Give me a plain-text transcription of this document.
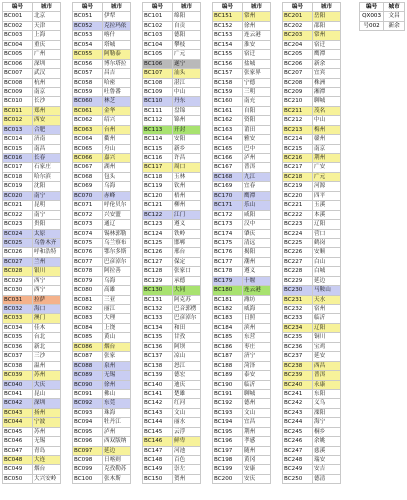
编号	城市
BC001	北京
BC002	天津
BC003	上海
BC004	重庆
BC005	广州
BC006	深圳
BC007	武汉
BC008	杭州
BC009	南京
BC010	长沙
BC011	郑州
BC012	西安
BC013	合肥
BC014	济南
BC015	南昌
BC016	长春
BC017	石家庄
BC018	哈尔滨
BC019	沈阳
BC020	南宁
BC021	昆明
BC022	南宁
BC023	贵阳
BC024	太原
BC025	乌鲁木齐
BC026	呼和浩特
BC027	兰州
BC028	银川
BC029	西宁
BC030	西宁
BC031	拉萨
BC032	海口
BC033	澳门
BC034	佳木
BC035	台北
BC036	新北
BC037	三沙
BC038	温州
BC039	苏州
BC040	大庆
BC041	昆山
BC042	深圳
BC043	扬州
BC044	宁波
BC045	苏州
BC046	无锡
BC047	青岛
BC048	大连
BC049	烟台
BC050	大兴安岭
编号	城市
BC051	伊犁
BC052	克拉玛依
BC053	喀什
BC054	塔城
BC055	阿勒泰
BC056	博尔塔拉
BC057	昌吉
BC058	哈密
BC059	吐鲁番
BC060	林芝
BC061	金华
BC062	绍兴
BC063	台州
BC064	衢州
BC065	舟山
BC066	嘉兴
BC067	湖州
BC068	包头
BC069	乌海
BC070	赤峰
BC071	呼伦贝尔
BC072	兴安盟
BC073	通辽
BC074	锡林郭勒
BC075	乌兰察布
BC076	鄂尔多斯
BC077	巴彦淖尔
BC078	阿拉善
BC079	乌海
BC080	高雄
BC081	三亚
BC082	丽江
BC083	大理
BC084	上饶
BC085	黄山
BC086	烟台
BC087	张家
BC088	泉州
BC089	无锡
BC090	徐州
BC091	佛山
BC092	东莞
BC093	珠海
BC094	牡丹江
BC095	泸州
BC096	西双版纳
BC097	延边
BC098	日喀则
BC099	克孜勒苏
BC100	张木斯
编号	城市
BC101	绵阳
BC102	自贡
BC103	德阳
BC104	攀枝
BC105	广元
BC106	遂宁
BC107	汕头
BC108	湛江
BC109	中山
BC110	丹东
BC111	盘锦
BC112	锦州
BC113	开封
BC114	安阳
BC115	新乡
BC116	许昌
BC117	周口
BC118	玉林
BC119	钦州
BC120	梧州
BC121	柳州
BC122	江门
BC123	遵义
BC124	铁岭
BC125	邯郸
BC126	邢台
BC127	保定
BC128	张家口
BC129	承德
BC130	大同
BC131	阿克苏
BC132	巴音郭楞
BC133	巴彦淖尔
BC134	和田
BC135	甘孜
BC136	阿坝
BC137	凉山
BC138	怒江
BC139	德宏
BC140	迪庆
BC141	楚雄
BC142	红河
BC143	文山
BC144	丽水
BC145	云浮
BC146	鲜卑
BC147	河池
BC148	百色
BC149	崇左
BC150	贺州
编号	城市
BC151	常州
BC152	徐州
BC153	连云港
BC154	淮安
BC155	宿迁
BC156	盐城
BC157	张家界
BC158	宁德
BC159	三明
BC160	南充
BC161	自阳
BC162	资阳
BC163	莆田
BC164	雅安
BC165	巴中
BC166	泸州
BC167	普洱
BC168	九江
BC169	宜春
BC170	鹰潭
BC171	乐山
BC172	咸阳
BC173	汉中
BC174	肇庆
BC175	清远
BC176	揭阳
BC177	潮州
BC178	遵义
BC179	十堰
BC180	连云港
BC181	潍坊
BC182	威海
BC183	日照
BC184	滨州
BC185	东营
BC186	枣庄
BC187	济宁
BC188	菏泽
BC189	泰安
BC190	临沂
BC191	聊城
BC192	德州
BC193	文山
BC194	宜昌
BC195	荆州
BC196	孝感
BC197	随州
BC198	黄冈
BC199	安康
BC200	安庆
编号	城市
BC201	岳阳
BC202	邵阳
BC203	常州
BC204	宿迁
BC205	鹰潭
BC206	新余
BC207	宜宾
BC208	株洲
BC209	湘潭
BC210	聊城
BC211	茂名
BC212	中山
BC213	梅州
BC214	赣州
BC215	南京
BC216	荆州
BC217	广安
BC218	广元
BC219	河源
BC220	四平
BC221	玉溪
BC222	本溪
BC223	辽阳
BC224	营口
BC225	鹤岗
BC226	安顺
BC227	白山
BC228	白城
BC229	延边
BC230	马鞍山
BC231	天水
BC232	宿州
BC233	临沂
BC234	辽阳
BC235	铜川
BC236	宝鸡
BC237	延安
BC238	西昌
BC239	普洱
BC240	永康
BC241	东阳
BC242	义乌
BC243	溧阳
BC244	海宁
BC245	桐乡
BC246	余姚
BC247	慈溪
BC248	瑞安
BC249	安吉
BC250	德清
编号	城市
QX003	文昌
号002	新余
